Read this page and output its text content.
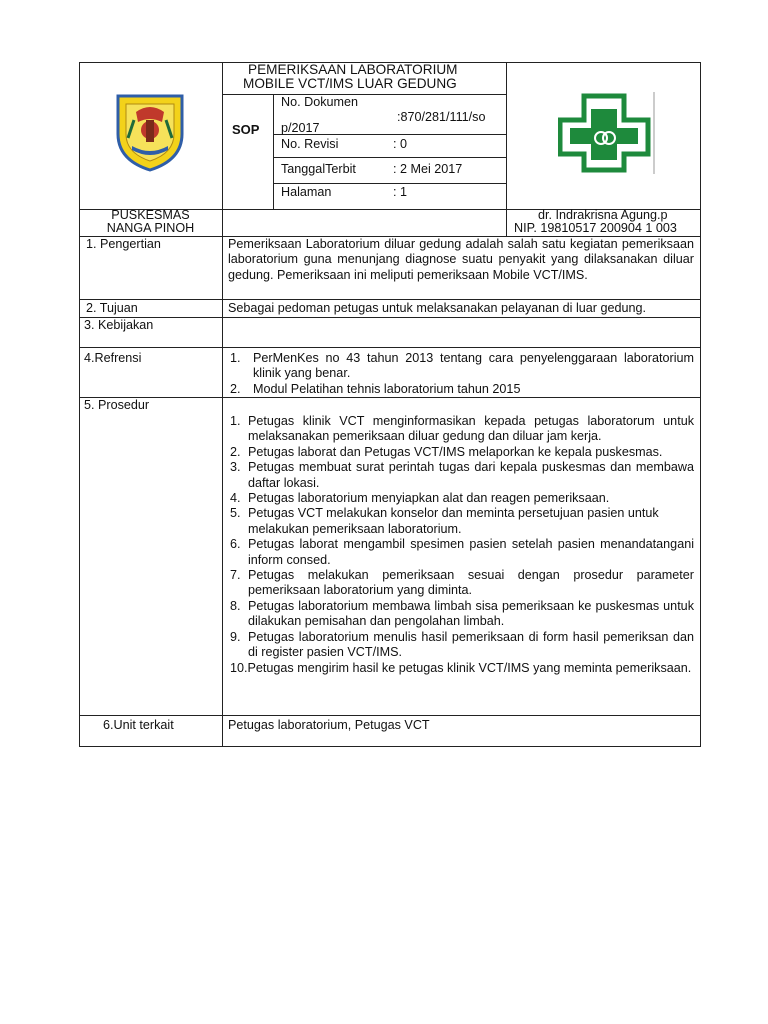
PEMERIKSAAN LABORATORIUM
MOBILE VCT/IMS LUAR GEDUNG
SOP
No. Dokumen
:870/281/111/so
p/2017
No. Revisi	: 0
TanggalTerbit	: 2 Mei 2017
Halaman	: 1
PUSKESMAS
NANGA PINOH
dr. Indrakrisna Agung.p
NIP. 19810517 200904 1 003
1. Pengertian	Pemeriksaan Laboratorium diluar gedung adalah salah satu kegiatan pemeriksaan laboratorium guna menunjang diagnose suatu penyakit yang dilaksanakan diluar gedung. Pemeriksaan ini meliputi pemeriksaan Mobile VCT/IMS.
2. Tujuan	Sebagai pedoman petugas untuk melaksanakan pelayanan di luar gedung.
3. Kebijakan
4.Refrensi	1. PerMenKes no 43 tahun 2013 tentang cara penyelenggaraan laboratorium klinik yang benar.
2. Modul Pelatihan tehnis laboratorium tahun 2015
5. Prosedur
1. Petugas klinik VCT menginformasikan kepada petugas laboratorum untuk melaksanakan pemeriksaan diluar gedung dan diluar jam kerja.
2. Petugas laborat dan Petugas VCT/IMS melaporkan ke kepala puskesmas.
3. Petugas membuat surat perintah tugas dari kepala puskesmas dan membawa daftar lokasi.
4. Petugas laboratorium menyiapkan alat dan reagen pemeriksaan.
5. Petugas VCT melakukan konselor dan meminta persetujuan pasien untuk melakukan pemeriksaan laboratorium.
6. Petugas laborat mengambil spesimen pasien setelah pasien menandatangani inform consed.
7. Petugas melakukan pemeriksaan sesuai dengan prosedur parameter pemeriksaan laboratorium yang diminta.
8. Petugas laboratorium membawa limbah sisa pemeriksaan ke puskesmas untuk dilakukan pemisahan dan pengolahan limbah.
9. Petugas laboratorium menulis hasil pemeriksaan di form hasil pemeriksan dan di register pasien VCT/IMS.
10.Petugas mengirim hasil ke petugas klinik VCT/IMS yang meminta pemeriksaan.
6.Unit terkait	Petugas laboratorium, Petugas VCT
